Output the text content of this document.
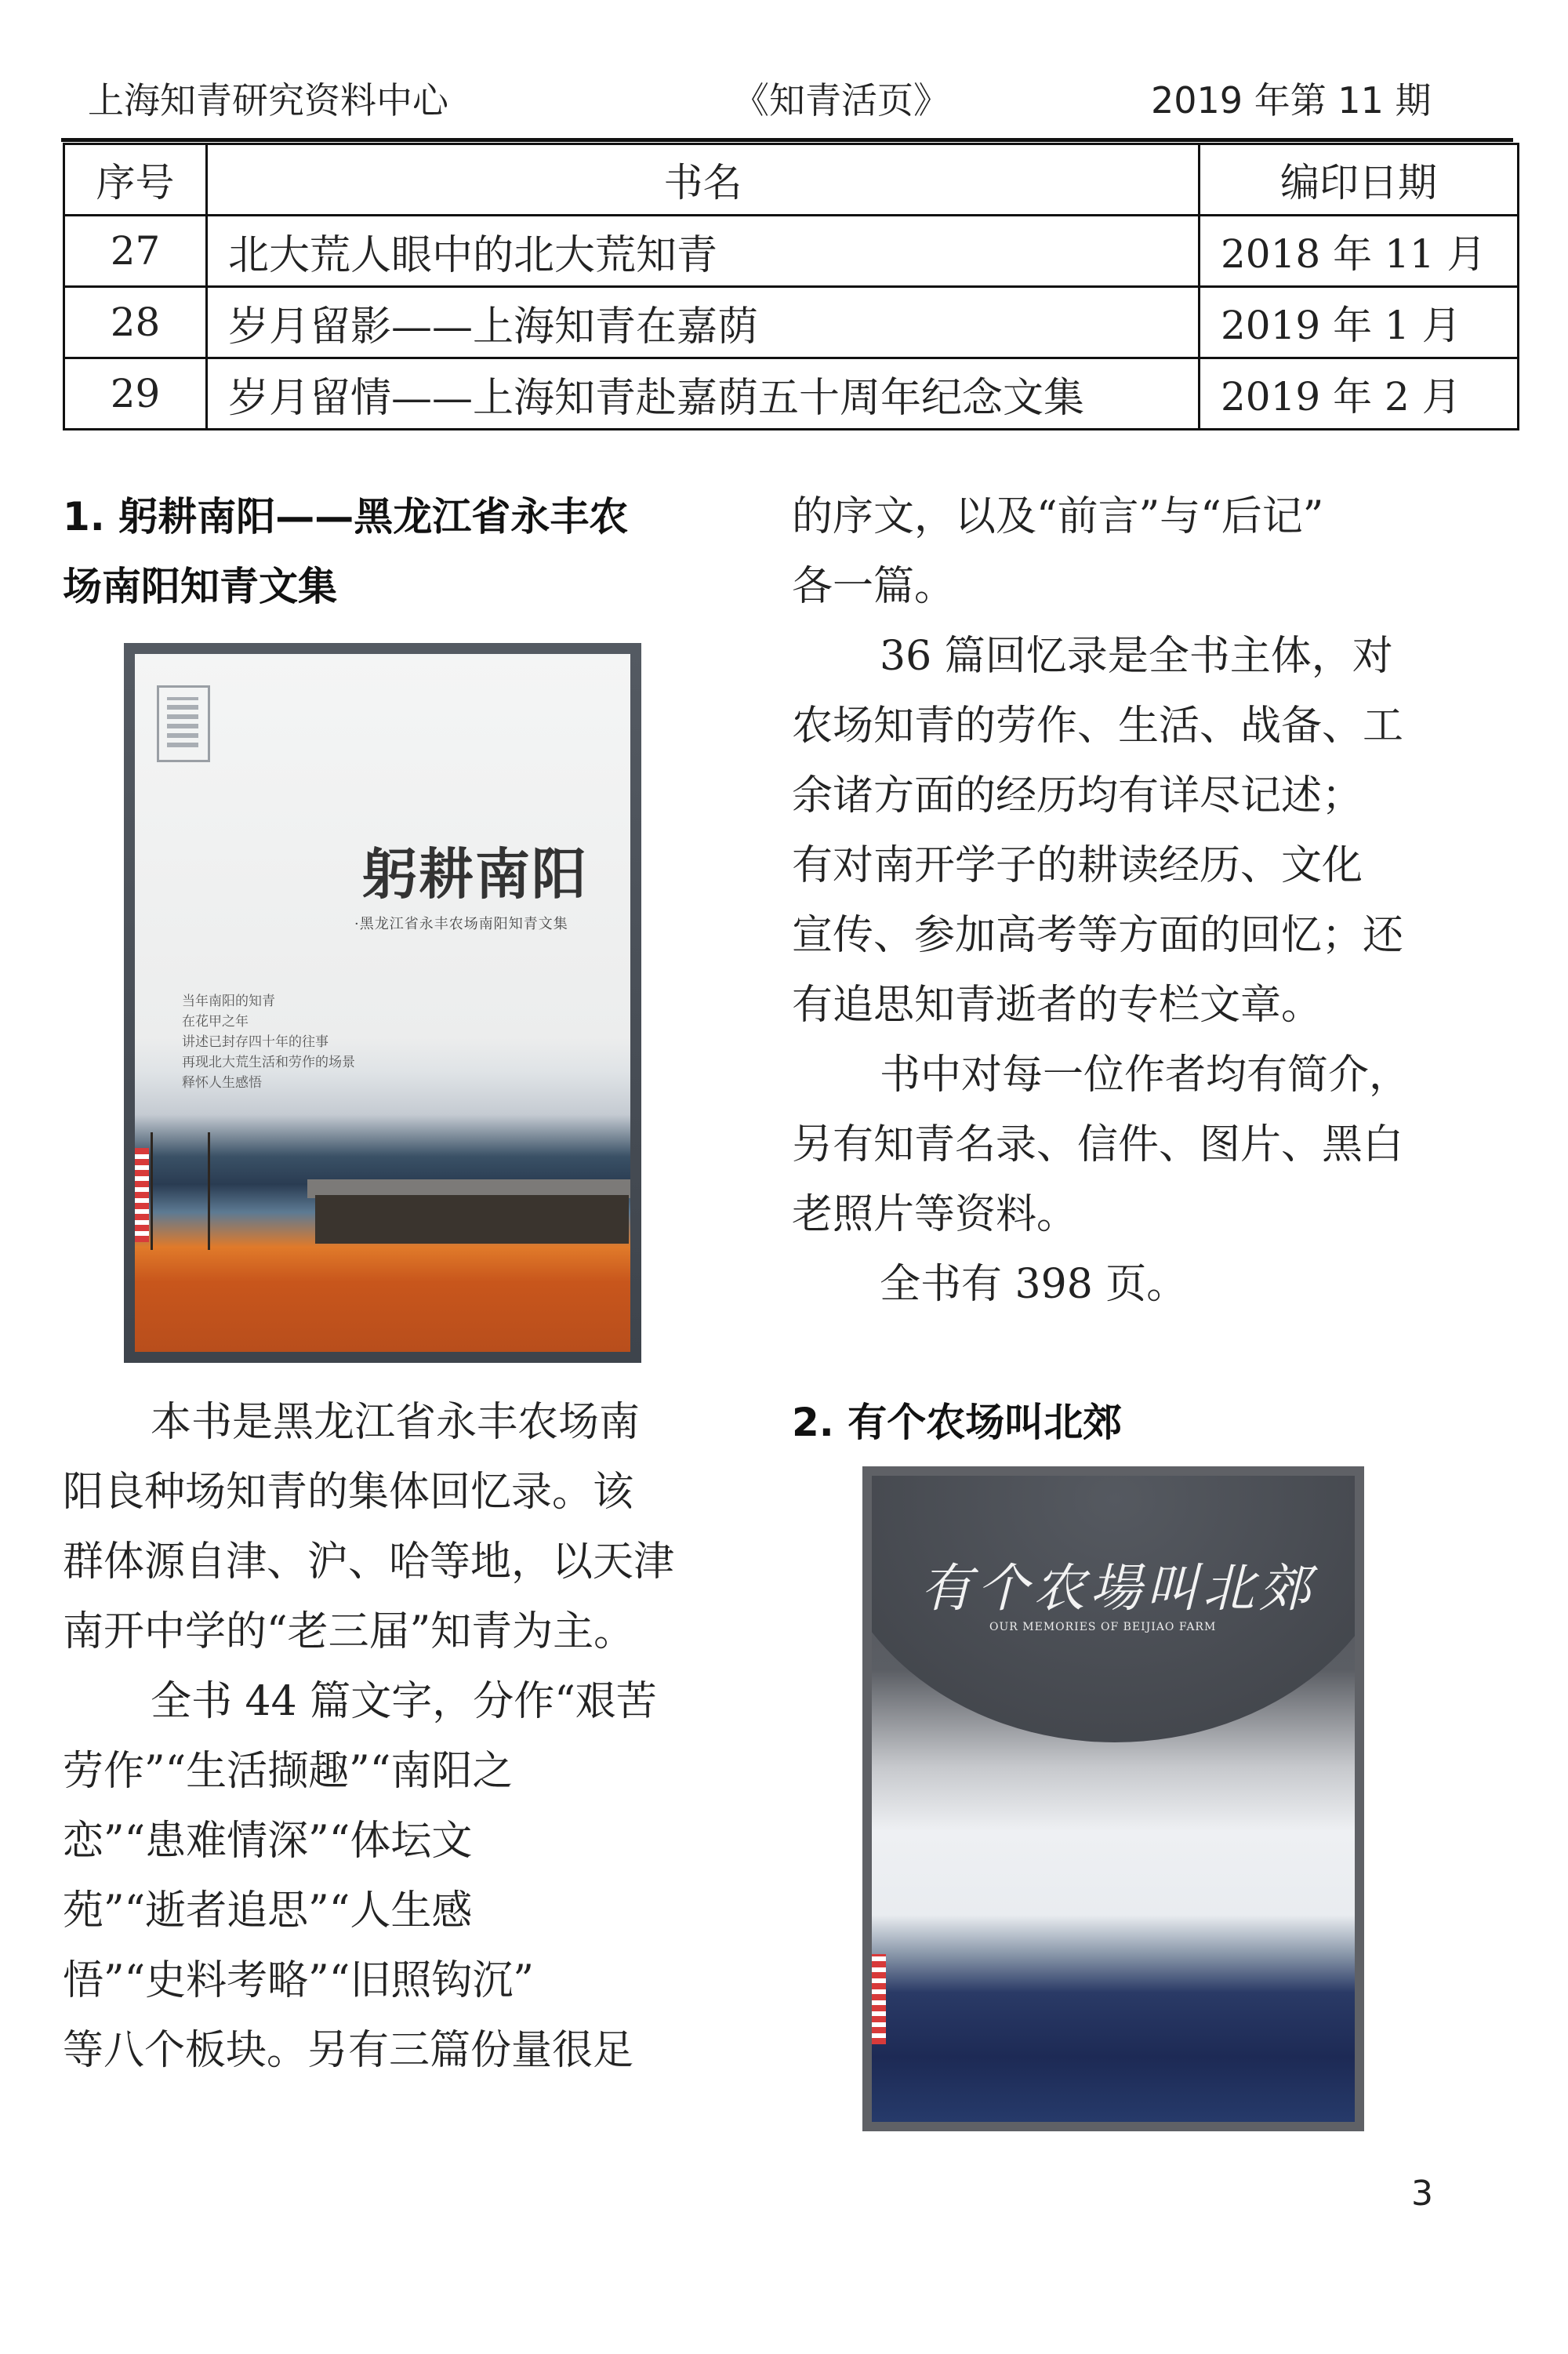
上海知青研究资料中心	《知青活页》	2019 年第 11 期
序号	书名	编印日期
27	北大荒人眼中的北大荒知青	2018 年 11 月
28	岁月留影——上海知青在嘉荫	2019 年 1 月
29	岁月留情——上海知青赴嘉荫五十周年纪念文集	2019 年 2 月
1. 躬耕南阳——黑龙江省永丰农
场南阳知青文集
躬耕南阳
·黑龙江省永丰农场南阳知青文集
当年南阳的知青
在花甲之年
讲述已封存四十年的往事
再现北大荒生活和劳作的场景
释怀人生感悟

本书是黑龙江省永丰农场南

阳良种场知青的集体回忆录。该

群体源自津、沪、哈等地，以天津

南开中学的“老三届”知青为主。

全书 44 篇文字，分作“艰苦

劳作”“生活撷趣”“南阳之

恋”“患难情深”“体坛文

苑”“逝者追思”“人生感

悟”“史料考略”“旧照钩沉”

等八个板块。另有三篇份量很足

的序文，以及“前言”与“后记”

各一篇。

36 篇回忆录是全书主体，对

农场知青的劳作、生活、战备、工

余诸方面的经历均有详尽记述；

有对南开学子的耕读经历、文化

宣传、参加高考等方面的回忆；还

有追思知青逝者的专栏文章。

书中对每一位作者均有简介，

另有知青名录、信件、图片、黑白

老照片等资料。

全书有 398 页。

2. 有个农场叫北郊
有个农場叫北郊
OUR MEMORIES OF BEIJIAO FARM
3
